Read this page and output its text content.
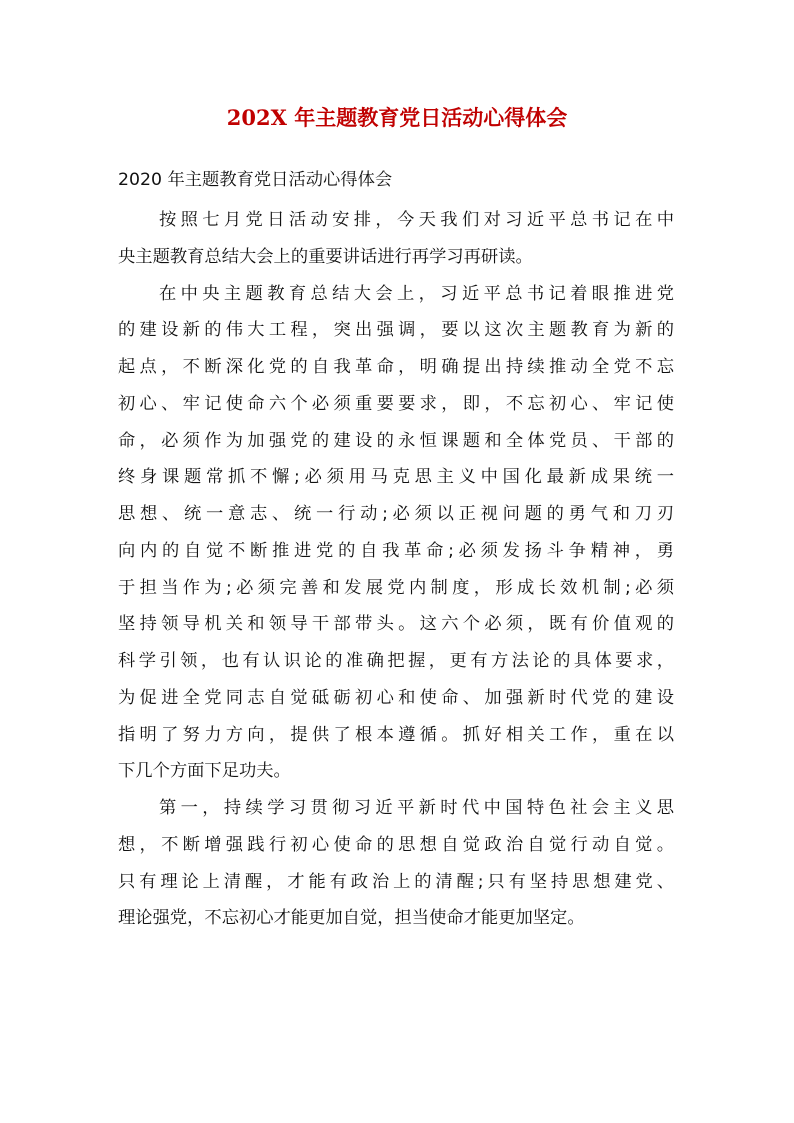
202X 年主题教育党日活动心得体会

2020 年主题教育党日活动心得体会

按照七月党日活动安排，今天我们对习近平总书记在中
央主题教育总结大会上的重要讲话进行再学习再研读。
在中央主题教育总结大会上，习近平总书记着眼推进党
的建设新的伟大工程，突出强调，要以这次主题教育为新的
起点，不断深化党的自我革命，明确提出持续推动全党不忘
初心、牢记使命六个必须重要要求，即，不忘初心、牢记使
命，必须作为加强党的建设的永恒课题和全体党员、干部的
终身课题常抓不懈;必须用马克思主义中国化最新成果统一
思想、统一意志、统一行动;必须以正视问题的勇气和刀刃
向内的自觉不断推进党的自我革命;必须发扬斗争精神，勇
于担当作为;必须完善和发展党内制度，形成长效机制;必须
坚持领导机关和领导干部带头。这六个必须，既有价值观的
科学引领，也有认识论的准确把握，更有方法论的具体要求，
为促进全党同志自觉砥砺初心和使命、加强新时代党的建设
指明了努力方向，提供了根本遵循。抓好相关工作，重在以
下几个方面下足功夫。
第一，持续学习贯彻习近平新时代中国特色社会主义思
想，不断增强践行初心使命的思想自觉政治自觉行动自觉。
只有理论上清醒，才能有政治上的清醒;只有坚持思想建党、
理论强党，不忘初心才能更加自觉，担当使命才能更加坚定。
